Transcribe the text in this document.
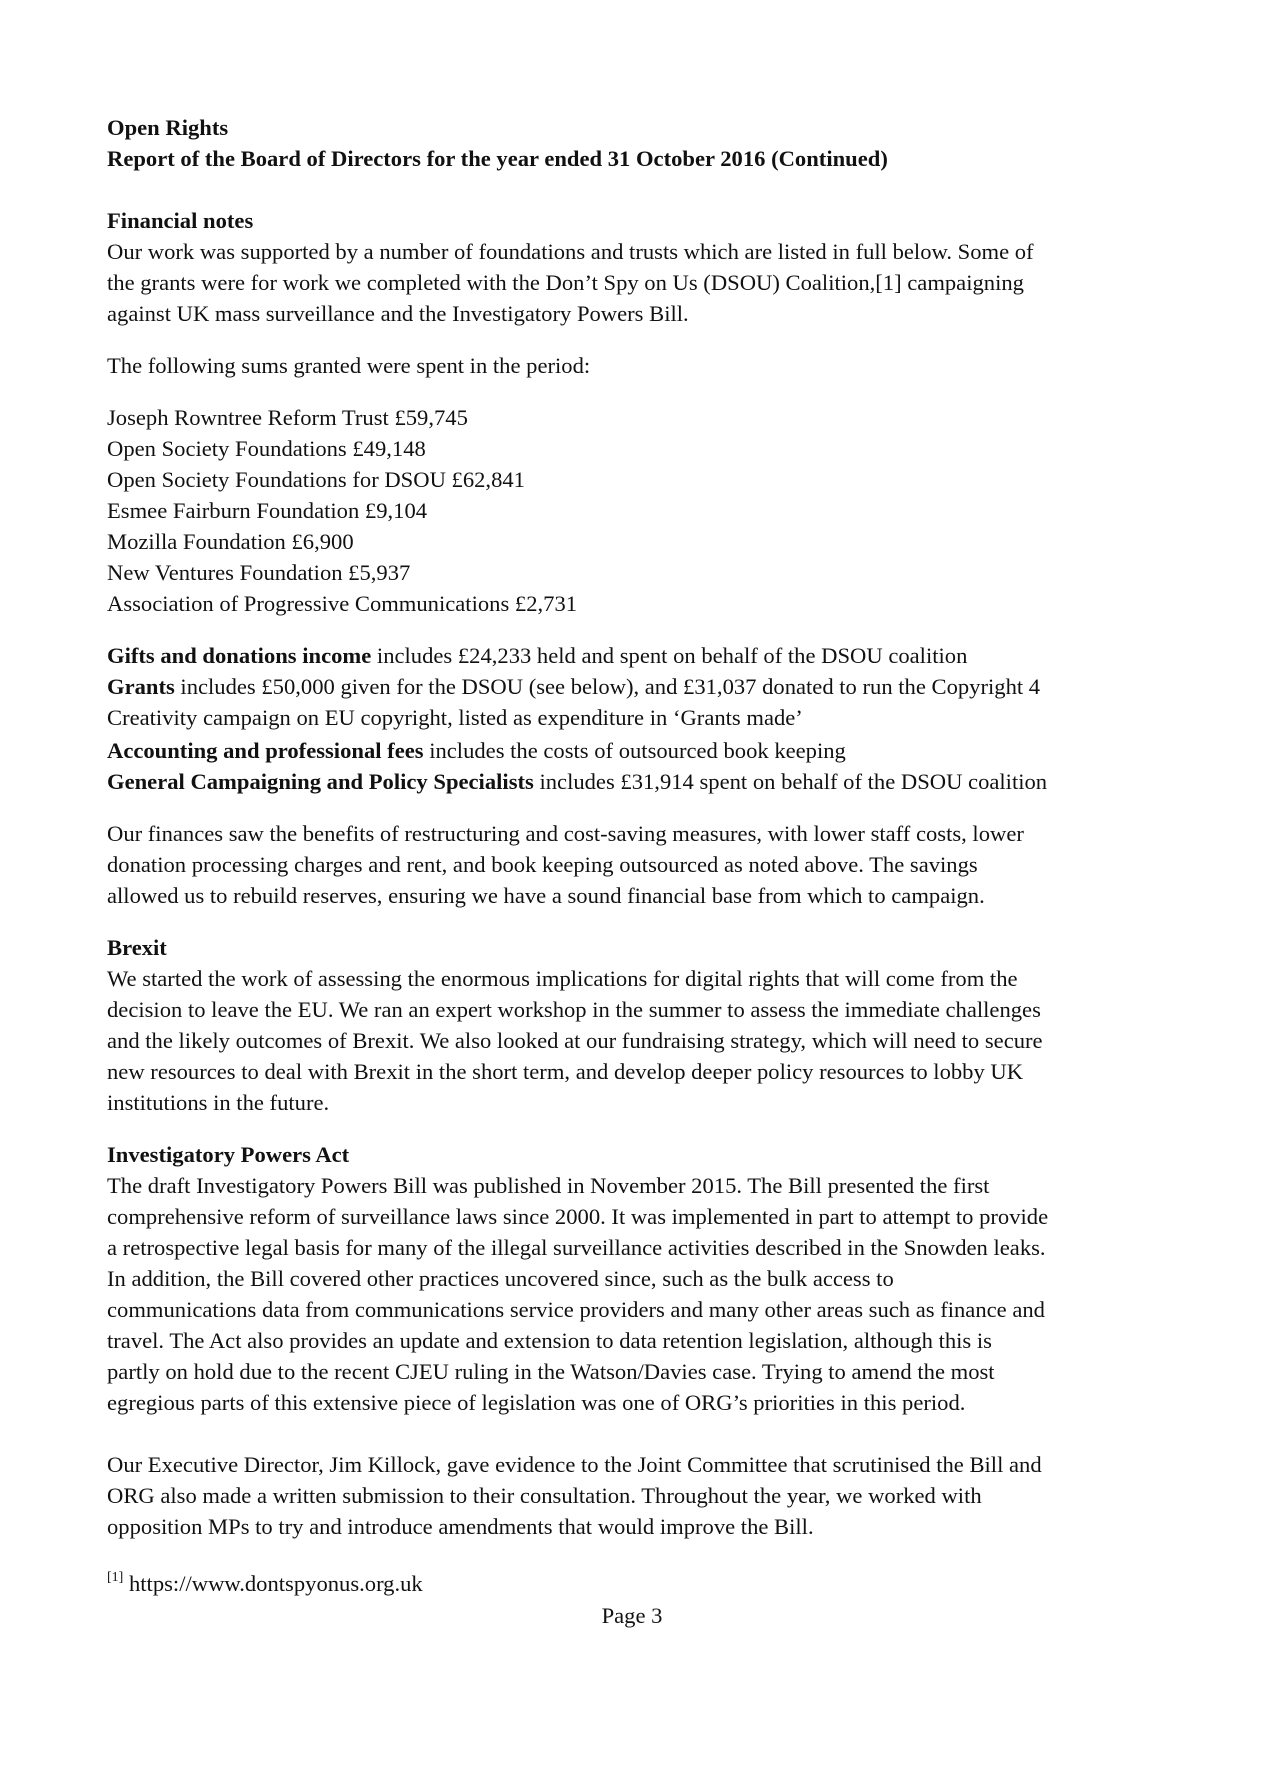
Open Rights
Report of the Board of Directors for the year ended 31 October 2016 (Continued)
Financial notes
Our work was supported by a number of foundations and trusts which are listed in full below. Some of
the grants were for work we completed with the Don’t Spy on Us (DSOU) Coalition,[1] campaigning
against UK mass surveillance and the Investigatory Powers Bill.
The following sums granted were spent in the period:
Joseph Rowntree Reform Trust £59,745
Open Society Foundations £49,148
Open Society Foundations for DSOU £62,841
Esmee Fairburn Foundation £9,104
Mozilla Foundation £6,900
New Ventures Foundation £5,937
Association of Progressive Communications £2,731
Gifts and donations income includes £24,233 held and spent on behalf of the DSOU coalition
Grants includes £50,000 given for the DSOU (see below), and £31,037 donated to run the Copyright 4
Creativity campaign on EU copyright, listed as expenditure in ‘Grants made’
Accounting and professional fees includes the costs of outsourced book keeping
General Campaigning and Policy Specialists includes £31,914 spent on behalf of the DSOU coalition
Our finances saw the benefits of restructuring and cost-saving measures, with lower staff costs, lower
donation processing charges and rent, and book keeping outsourced as noted above. The savings
allowed us to rebuild reserves, ensuring we have a sound financial base from which to campaign.
Brexit
We started the work of assessing the enormous implications for digital rights that will come from the
decision to leave the EU. We ran an expert workshop in the summer to assess the immediate challenges
and the likely outcomes of Brexit. We also looked at our fundraising strategy, which will need to secure
new resources to deal with Brexit in the short term, and develop deeper policy resources to lobby UK
institutions in the future.
Investigatory Powers Act
The draft Investigatory Powers Bill was published in November 2015. The Bill presented the first
comprehensive reform of surveillance laws since 2000. It was implemented in part to attempt to provide
a retrospective legal basis for many of the illegal surveillance activities described in the Snowden leaks.
In addition, the Bill covered other practices uncovered since, such as the bulk access to
communications data from communications service providers and many other areas such as finance and
travel. The Act also provides an update and extension to data retention legislation, although this is
partly on hold due to the recent CJEU ruling in the Watson/Davies case. Trying to amend the most
egregious parts of this extensive piece of legislation was one of ORG’s priorities in this period.
Our Executive Director, Jim Killock, gave evidence to the Joint Committee that scrutinised the Bill and
ORG also made a written submission to their consultation. Throughout the year, we worked with
opposition MPs to try and introduce amendments that would improve the Bill.
[1] https://www.dontspyonus.org.uk
Page 3
